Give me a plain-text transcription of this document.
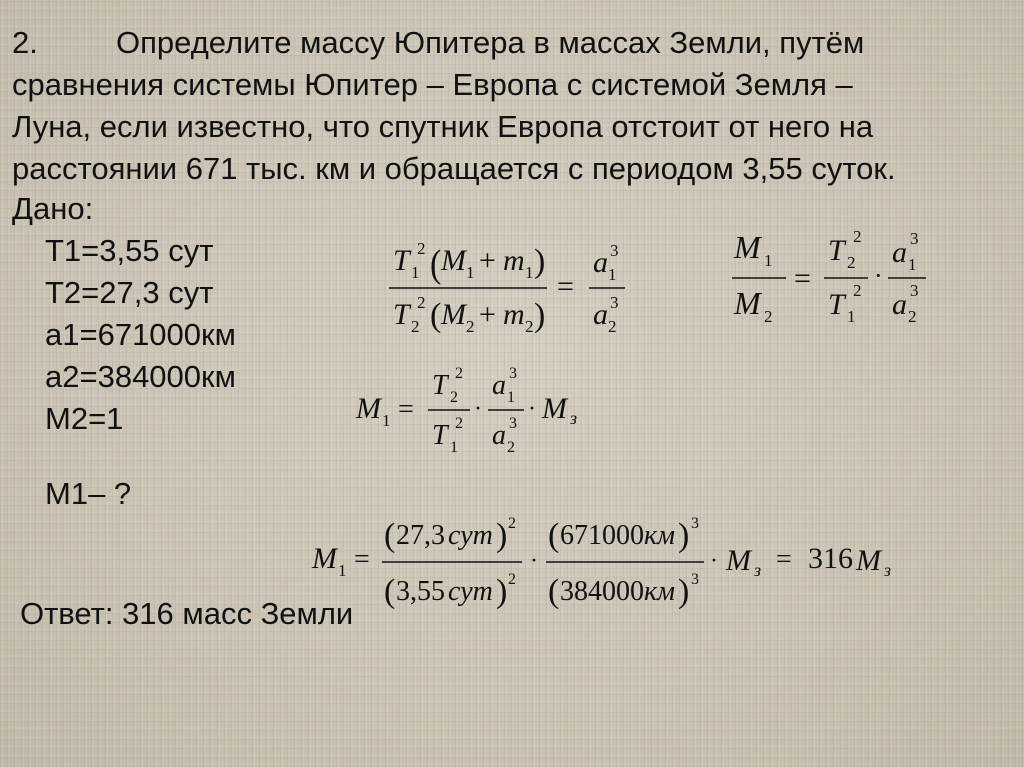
2.	Определите массу Юпитера в массах Земли, путём
сравнения системы Юпитер – Европа с системой Земля –
Луна, если известно, что спутник Европа отстоит от него на
расстоянии 671 тыс. км и обращается с периодом 3,55 суток.
Дано:
Т1=3,55 сут
Т2=27,3 сут
а1=671000км
а2=384000км
М2=1
М1– ?
T 1
2 ( M 1 + m 1 )
T 2
2 ( M 2 + m 2 )
=
a 1
3
a 2
3
M 1
M 2
=
T 2
2
T 1
2
·
a 1
3
a 2
3
M 1 =
T 2
2
T 1
2
·
a 1
3
a 2
3
· M з
M 1 =
( 27,3 сут ) 2
( 3,55 сут ) 2
·
( 671000 км ) 3
( 384000 км ) 3
· M з = 316 M з
Ответ: 316 масс Земли
